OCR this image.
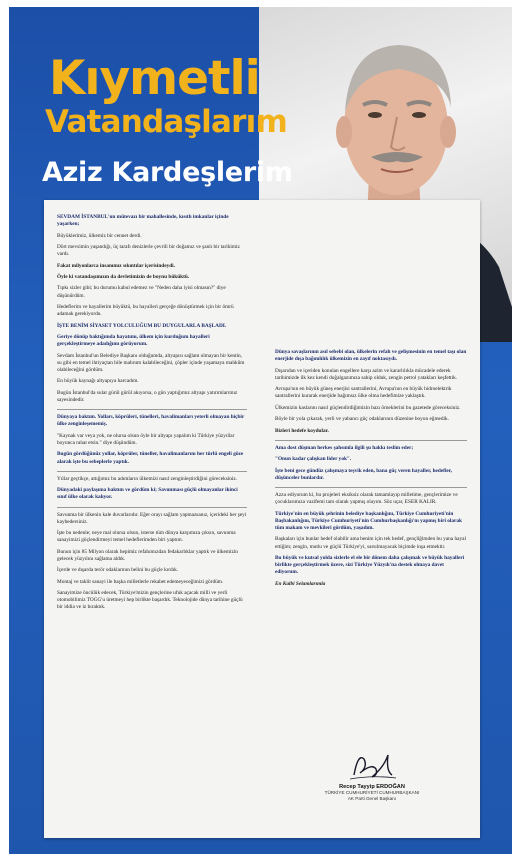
Kıymetli
Vatandaşlarım
Aziz Kardeşlerim

SEVDAM İSTANBUL'un mütevazı bir mahallesinde, kısıtlı imkanlar içinde yaşarken;

Büyüklerimiz, ülkemiz bir cennet derdi.

Dört mevsimin yaşandığı, üç tarafı denizlerle çevrili bir doğamız ve şanlı bir tarihimiz vardı.

Fakat milyonlarca insanımız sıkıntılar içerisindeydi.

Öyle ki vatandaşımızın da devletimizin de boynu büküktü.

Tıpkı sizler gibi; bu durumu kabul edemez ve "Neden daha iyisi olmasın?" diye düşünürdüm.

Hedeflerim ve hayallerim büyüktü, bu hayalleri gerçeğe dönüştürmek için bir ömrü adamak gerekiyordu.

İŞTE BENİM SİYASET YOLCULUĞUM BU DUYGULARLA BAŞLADI.

Geriye dönüp baktığımda hayatımı, ülkem için kurduğum hayalleri gerçekleştirmeye adadığımı görüyorum.

Sevdam İstanbul'un Belediye Başkanı olduğumda, altyapısı sağlam olmayan bir kentin, su gibi en temel ihtiyaçtan bile mahrum kalabileceğini, çöpler içinde yaşamaya mahkûm olabileceğini gördüm.

En büyük kaynağı altyapıya harcadım.

Bugün İstanbul'da sular gürül gürül akıyorsa, o gün yaptığımız altyapı yatırımlarımız sayesindedir.

Dünyaya baktım. Yolları, köprüleri, tünelleri, havalimanları yeterli olmayan hiçbir ülke zenginleşememiş.

"Kaynak var veya yok, ne olursa olsun öyle bir altyapı yapalım ki Türkiye yüzyıllar boyunca rahat etsin." diye düşündüm.

Bugün gördüğünüz yollar, köprüler, tüneller, havalimanlarını her türlü engeli göze alarak işte bu sebeplerle yaptık.

Yıllar geçtikçe, attığımız bu adımların ülkemizi nasıl zenginleştirdiğini göreceksiniz.

Dünyadaki paylaşıma baktım ve gördüm ki; Savunması güçlü olmayanlar ikinci sınıf ülke olarak kalıyor.

Savunma bir ülkenin kale duvarlarıdır. Eğer orayı sağlam yapmazsanız, içerideki her şeyi kaybedersiniz.

İşte bu nedenle; neye mal olursa olsun, isterse tüm dünya karşımıza çıksın, savunma sanayimizi güçlendirmeyi temel hedeflerimden biri yaptım.

Bunun için 85 Milyon olarak hepimiz refahımızdan fedakarlıklar yaptık ve ülkemizin gelecek yüzyılını sağlama aldık.

İçerde ve dışarda terör odaklarının belini bu güçle kırdık.

Montaj ve taklit sanayi ile başka milletlerle rekabet edemeyeceğimizi gördüm.

Sanayimize öncülük edecek, Türkiye'mizin gençlerine ufuk açacak milli ve yerli otomobilimiz TOGG'u üretmeyi hep birlikte başardık. Teknolojide dünya tarihine güçlü bir iddia ve iz bıraktık.

Dünya savaşlarının asıl sebebi olan, ülkelerin refah ve gelişmesinin en temel taşı olan enerjide dışa bağımlılık ülkemizin en zayıf noktasıydı.

Dışarıdan ve içeriden konulan engellere karşı azim ve kararlılıkla mücadele ederek tarihimizde ilk kez kendi doğalgazımıza sahip olduk, zengin petrol yatakları keşfettik.

Avrupa'nın en büyük güneş enerjisi santrallerini, Avrupa'nın en büyük hidroelektrik santrallerini kurarak enerjide bağımsız ülke olma hedefimize yaklaştık.

Ülkemizin kaslarını nasıl güçlendirdiğimizin bazı örneklerini bu gazetede göreceksiniz.

Böyle bir yola çıkarak, yerli ve yabancı güç odaklarının düzenine boyun eğmedik.

Bizleri hedefe koydular.

Ama dost düşman herkes şahsımla ilgili şu hakkı teslim eder;

"Onun kadar çalışkan lider yok".

İşte beni gece gündüz çalışmaya teşvik eden, bana güç veren hayaller, hedefler, düşünceler bunlardır.

Azzu ediyorum ki, bu projeleri eksiksiz olarak tamamlayıp milletime, gençlerimize ve çocuklarımıza vazifemi tam olarak yapmış olayım. Söz uçar, ESER KALIR.

Türkiye'nin en büyük şehrinin belediye başkanlığını, Türkiye Cumhuriyeti'nin Başbakanlığını, Türkiye Cumhuriyeti'nin Cumhurbaşkanlığı'nı yapmış biri olarak tüm makam ve mevkileri gördüm, yaşadım.

Başkaları için bunlar hedef olabilir ama benim için tek hedef, gençliğimden bu yana hayal ettiğim; zengin, mutlu ve güçlü Türkiye'yi, sarsılmayacak biçimde inşa etmektir.

Bu büyük ve kutsal yolda sizlerle el ele bir dönem daha çalışmak ve büyük hayalleri birlikte gerçekleştirmek üzere, sizi Türkiye Yüzyılı'na destek olmaya davet ediyorum.

En Kalbi Selamlarımla

Recep Tayyip ERDOĞAN
TÜRKİYE CUMHURİYETİ CUMHURBAŞKANI
AK Parti Genel Başkanı
